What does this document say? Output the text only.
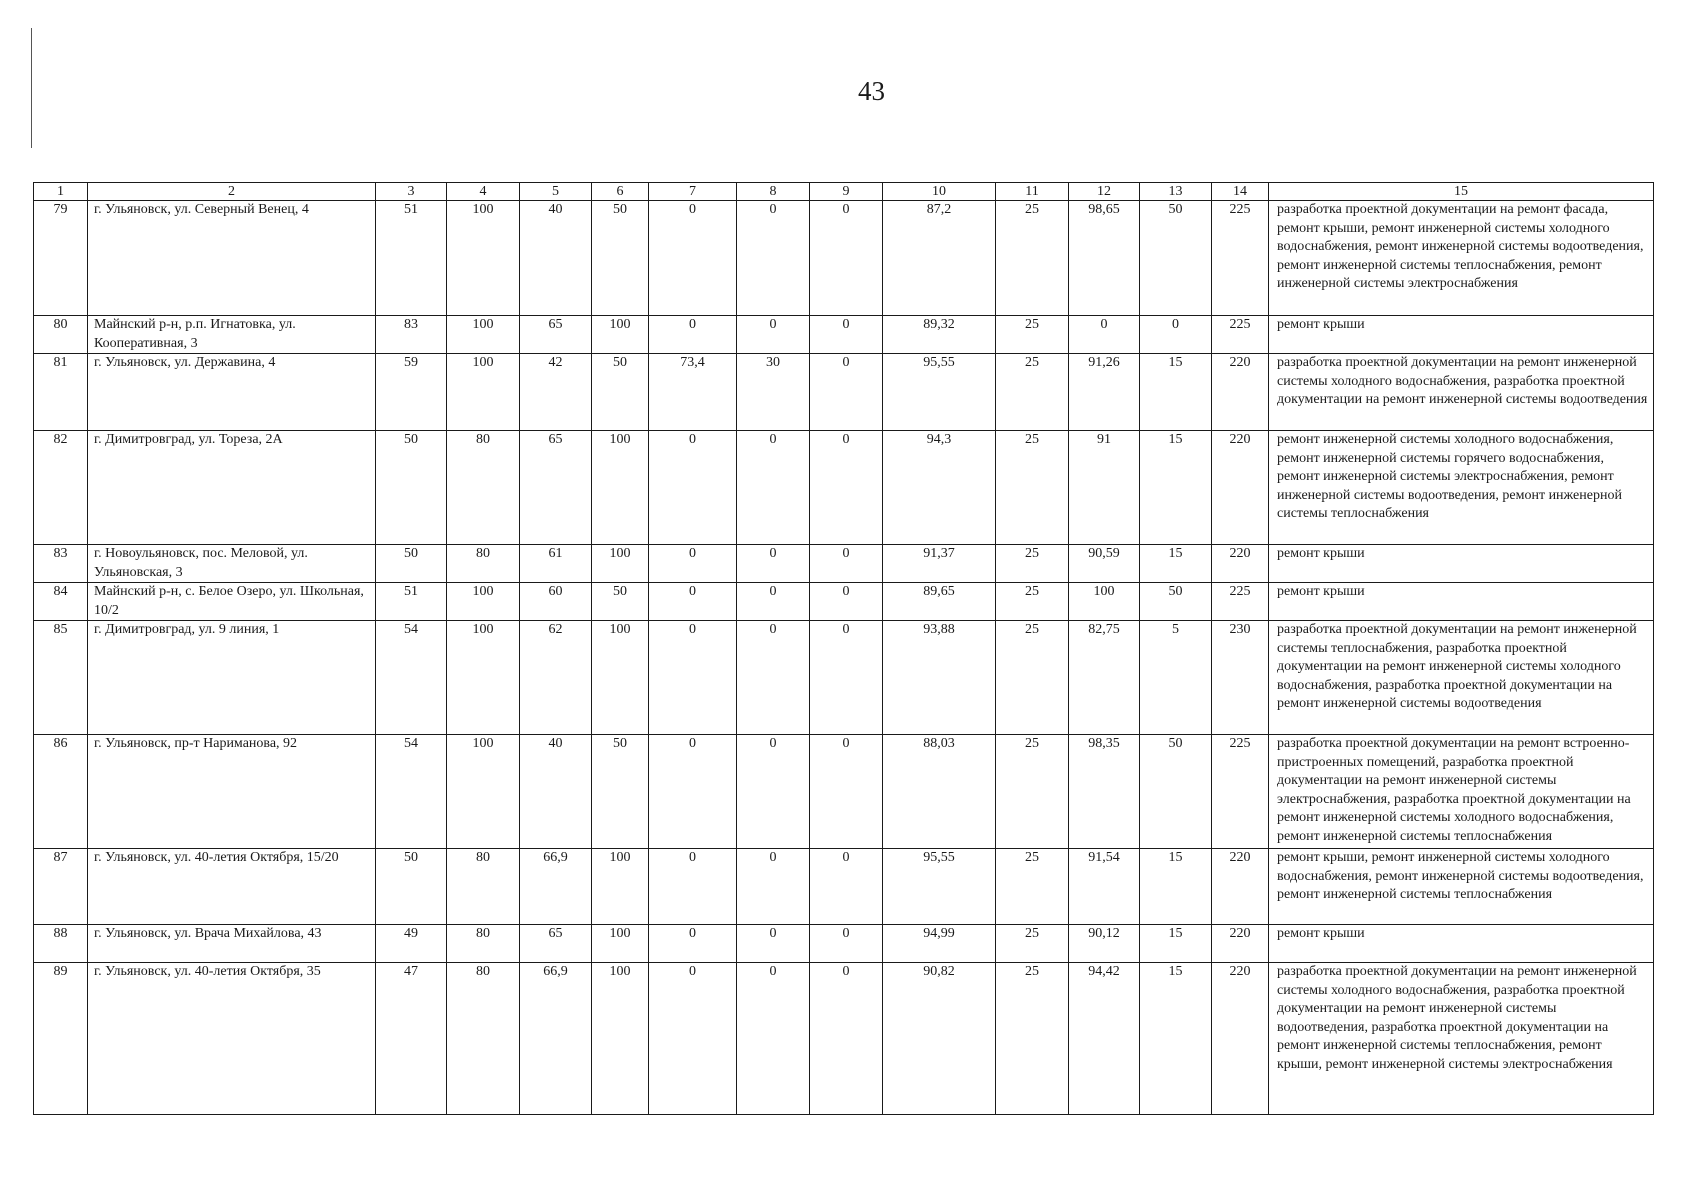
43
1	2	3	4	5	6	7	8	9	10	11	12	13	14	15
79	г. Ульяновск, ул. Северный Венец, 4	51	100	40	50	0	0	0	87,2	25	98,65	50	225	разработка проектной документации на ремонт фасада, ремонт крыши, ремонт инженерной системы холодного водоснабжения, ремонт инженерной системы водоотведения, ремонт инженерной системы теплоснабжения, ремонт инженерной системы электроснабжения
80	Майнский р-н, р.п. Игнатовка, ул. Кооперативная, 3	83	100	65	100	0	0	0	89,32	25	0	0	225	ремонт крыши
81	г. Ульяновск, ул. Державина, 4	59	100	42	50	73,4	30	0	95,55	25	91,26	15	220	разработка проектной документации на ремонт инженерной системы холодного водоснабжения, разработка проектной документации на ремонт инженерной системы водоотведения
82	г. Димитровград, ул. Тореза, 2А	50	80	65	100	0	0	0	94,3	25	91	15	220	ремонт инженерной системы холодного водоснабжения, ремонт инженерной системы горячего водоснабжения, ремонт инженерной системы электроснабжения, ремонт инженерной системы водоотведения, ремонт инженерной системы теплоснабжения
83	г. Новоульяновск, пос. Меловой, ул. Ульяновская, 3	50	80	61	100	0	0	0	91,37	25	90,59	15	220	ремонт крыши
84	Майнский р-н, с. Белое Озеро, ул. Школьная, 10/2	51	100	60	50	0	0	0	89,65	25	100	50	225	ремонт крыши
85	г. Димитровград, ул. 9 линия, 1	54	100	62	100	0	0	0	93,88	25	82,75	5	230	разработка проектной документации на ремонт инженерной системы теплоснабжения, разработка проектной документации на ремонт инженерной системы холодного водоснабжения, разработка проектной документации на ремонт инженерной системы водоотведения
86	г. Ульяновск, пр-т Нариманова, 92	54	100	40	50	0	0	0	88,03	25	98,35	50	225	разработка проектной документации на ремонт встроенно-пристроенных помещений, разработка проектной документации на ремонт инженерной системы электроснабжения, разработка проектной документации на ремонт инженерной системы холодного водоснабжения, ремонт инженерной системы теплоснабжения
87	г. Ульяновск, ул. 40-летия Октября, 15/20	50	80	66,9	100	0	0	0	95,55	25	91,54	15	220	ремонт крыши, ремонт инженерной системы холодного водоснабжения, ремонт инженерной системы водоотведения, ремонт инженерной системы теплоснабжения
88	г. Ульяновск, ул. Врача Михайлова, 43	49	80	65	100	0	0	0	94,99	25	90,12	15	220	ремонт крыши
89	г. Ульяновск, ул. 40-летия Октября, 35	47	80	66,9	100	0	0	0	90,82	25	94,42	15	220	разработка проектной документации на ремонт инженерной системы холодного водоснабжения, разработка проектной документации на ремонт инженерной системы водоотведения, разработка проектной документации на ремонт инженерной системы теплоснабжения, ремонт крыши, ремонт инженерной системы электроснабжения
